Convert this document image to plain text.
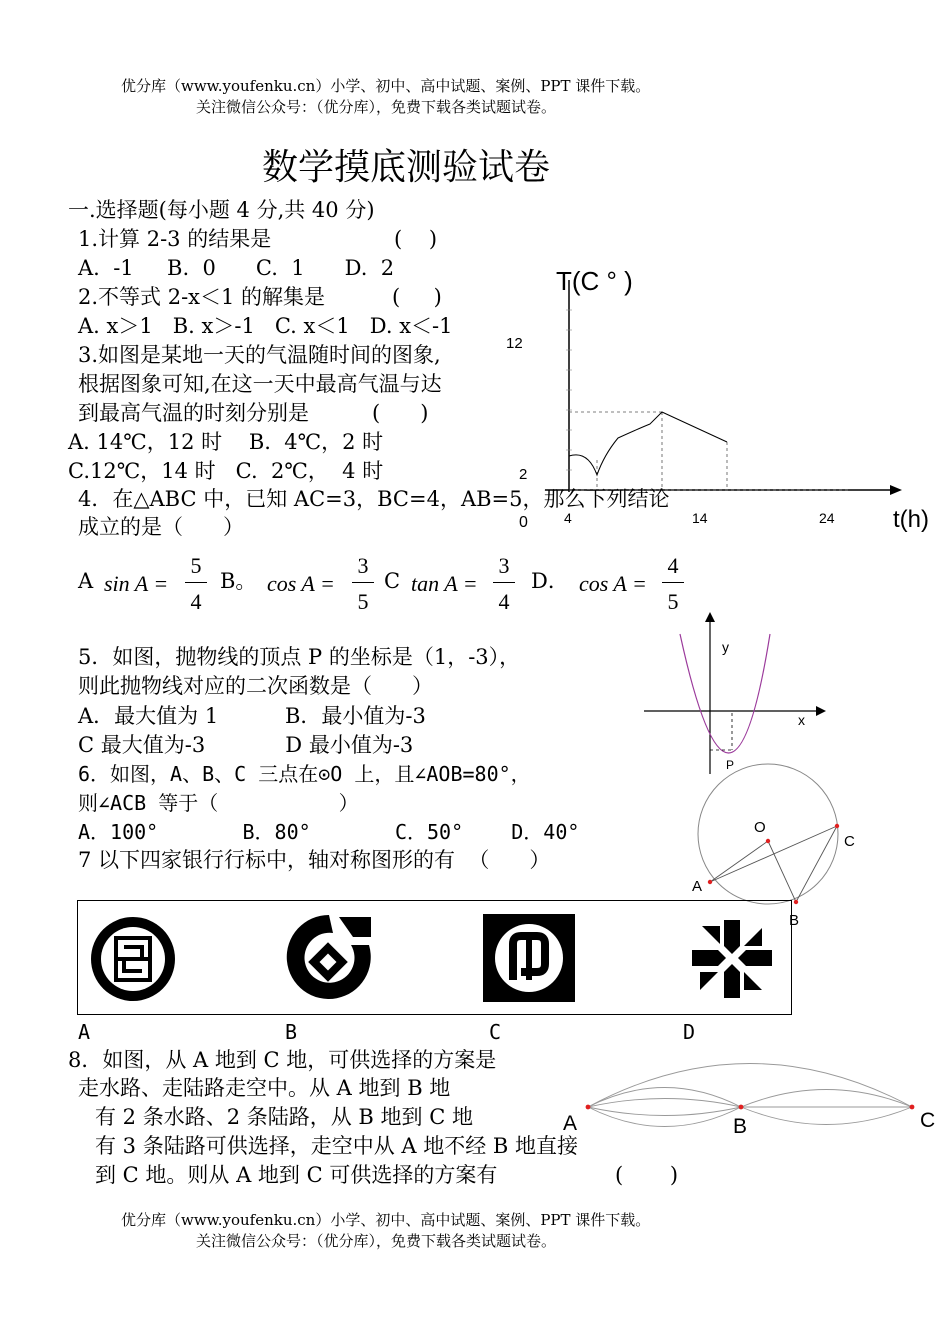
优分库（www.youfenku.cn）小学、初中、高中试题、案例、PPT 课件下载。
关注微信公众号：（优分库），免费下载各类试题试卷。
数学摸底测验试卷
一.选择题(每小题 4 分,共 40 分)
1.计算 2-3 的结果是	(    )
A.  -1     B.  0      C.  1      D.  2
2.不等式 2-x＜1 的解集是	(     )
A. x＞1   B. x＞-1   C. x＜1   D. x＜-1
3.如图是某地一天的气温随时间的图象,
根据图象可知,在这一天中最高气温与达
到最高气温的时刻分别是	(      )
A. 14℃，12 时    B.  4℃，2 时
C.12℃，14 时   C.  2℃，  4 时
T(C ° )
t(h)
12
2
0	4	14	24
4．在△ABC 中，已知 AC=3，BC=4，AB=5，那么下列结论
成立的是（      ）
A sin A =
5
4
B。 cos A =
3
5
C tan A =
3
4
D． cos A =
4
5
5．如图，抛物线的顶点 P 的坐标是（1，-3），
则此抛物线对应的二次函数是（      ）
A．最大值为 1          B．最小值为-3
C 最大值为-3            D 最小值为-3
y
x
P
6．如图，A、B、C 三点在⊙O 上，且∠AOB=80°，
则∠ACB 等于（          ）
A．100°       B．80°       C．50°    D．40°	O
C
A
B
7 以下四家银行行标中，轴对称图形的有  （      ）
A	B	C	D
8．如图，从 A 地到 C 地，可供选择的方案是
走水路、走陆路走空中。从 A 地到 B 地
有 2 条水路、2 条陆路，从 B 地到 C 地
有 3 条陆路可供选择，走空中从 A 地不经 B 地直接
到 C 地。则从 A 地到 C 可供选择的方案有	(       )
A	B	C
优分库（www.youfenku.cn）小学、初中、高中试题、案例、PPT 课件下载。
关注微信公众号：（优分库），免费下载各类试题试卷。
